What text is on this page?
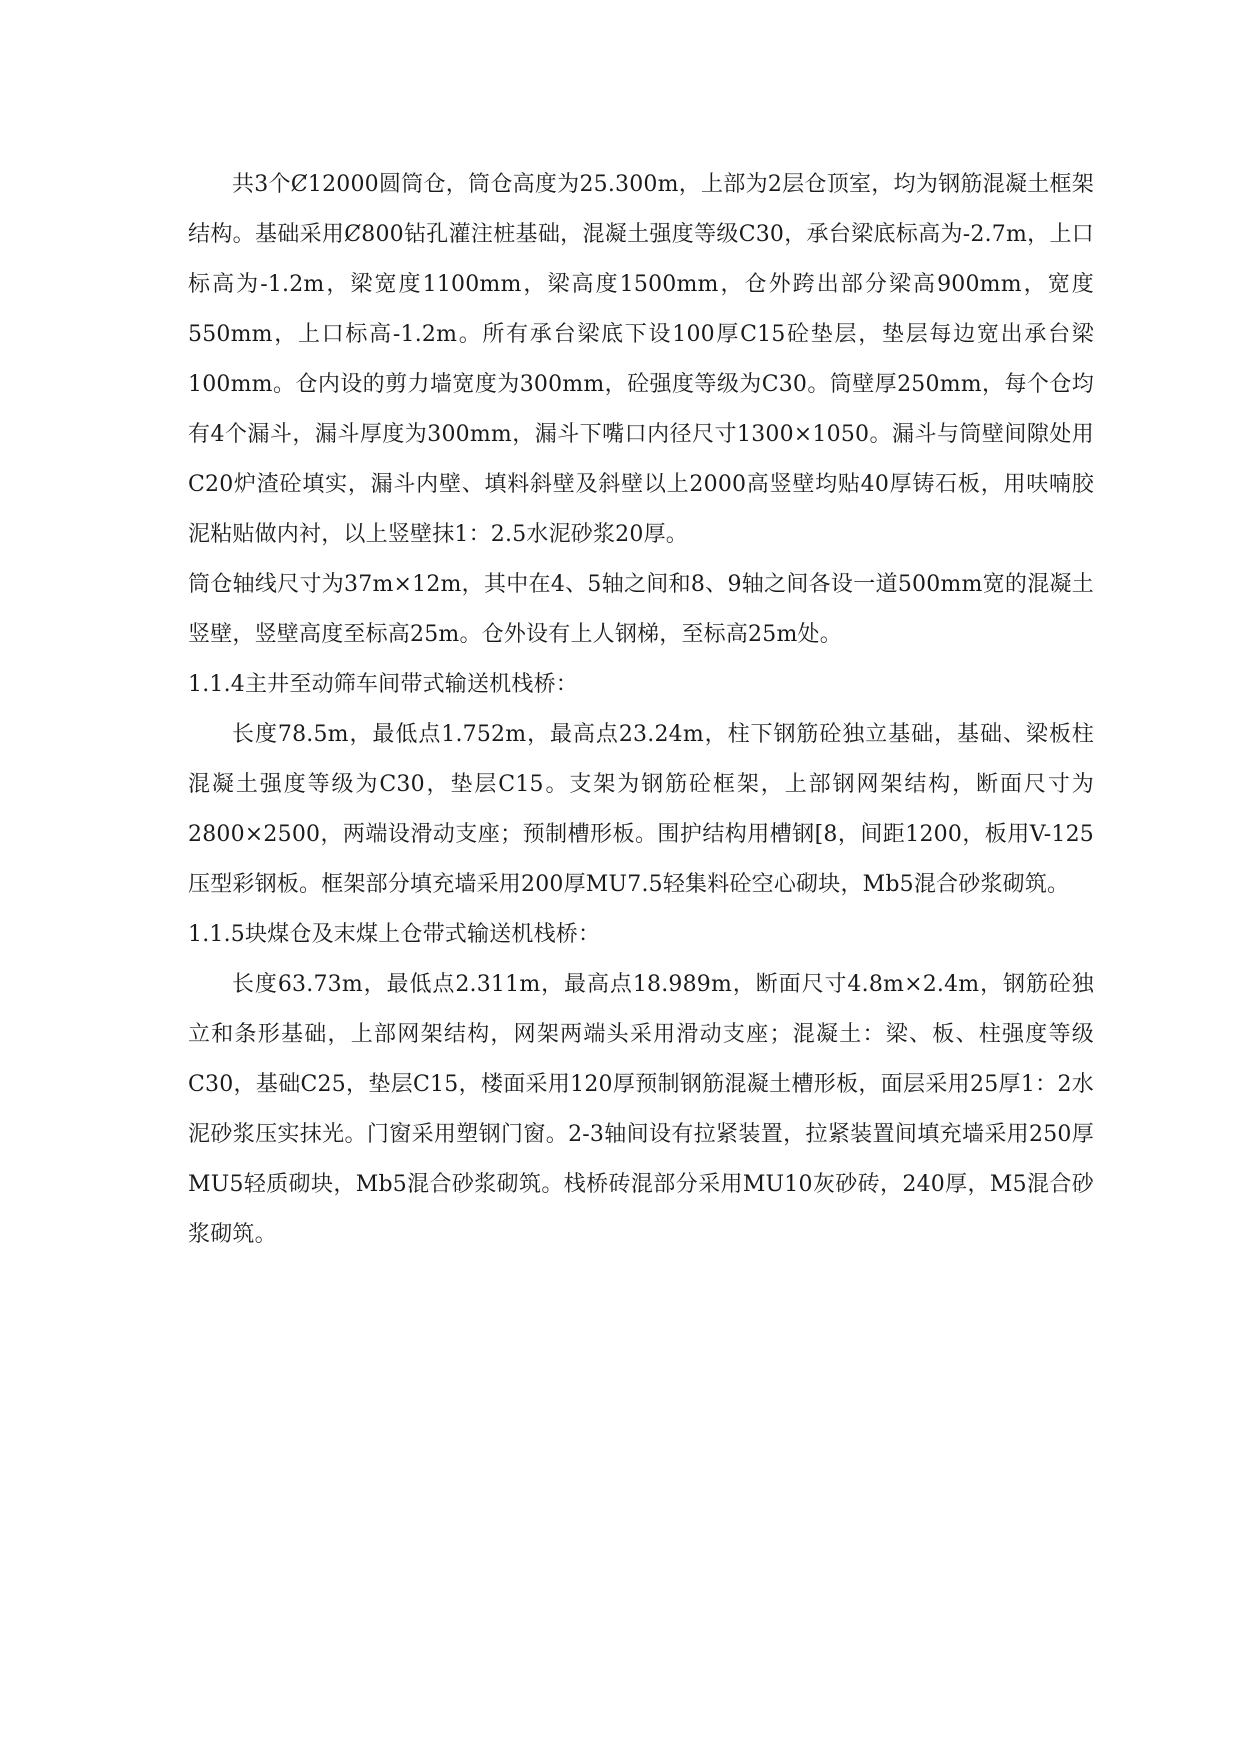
共3个Ȼ12000圆筒仓，筒仓高度为25.300m，上部为2层仓顶室，均为钢筋混凝土框架结构。基础采用Ȼ800钻孔灌注桩基础，混凝土强度等级C30，承台梁底标高为-2.7m，上口标高为-1.2m，梁宽度1100mm，梁高度1500mm，仓外跨出部分梁高900mm，宽度550mm，上口标高-1.2m。所有承台梁底下设100厚C15砼垫层，垫层每边宽出承台梁100mm。仓内设的剪力墙宽度为300mm，砼强度等级为C30。筒壁厚250mm，每个仓均有4个漏斗，漏斗厚度为300mm，漏斗下嘴口内径尺寸1300×1050。漏斗与筒壁间隙处用C20炉渣砼填实，漏斗内壁、填料斜壁及斜壁以上2000高竖壁均贴40厚铸石板，用呋喃胶泥粘贴做内衬，以上竖壁抹1：2.5水泥砂浆20厚。

筒仓轴线尺寸为37m×12m，其中在4、5轴之间和8、9轴之间各设一道500mm宽的混凝土竖壁，竖壁高度至标高25m。仓外设有上人钢梯，至标高25m处。

1.1.4主井至动筛车间带式输送机栈桥：

长度78.5m，最低点1.752m，最高点23.24m，柱下钢筋砼独立基础，基础、梁板柱混凝土强度等级为C30，垫层C15。支架为钢筋砼框架，上部钢网架结构，断面尺寸为2800×2500，两端设滑动支座；预制槽形板。围护结构用槽钢[8，间距1200，板用V-125压型彩钢板。框架部分填充墙采用200厚MU7.5轻集料砼空心砌块，Mb5混合砂浆砌筑。

1.1.5块煤仓及末煤上仓带式输送机栈桥：

长度63.73m，最低点2.311m，最高点18.989m，断面尺寸4.8m×2.4m，钢筋砼独立和条形基础，上部网架结构，网架两端头采用滑动支座；混凝土：梁、板、柱强度等级C30，基础C25，垫层C15，楼面采用120厚预制钢筋混凝土槽形板，面层采用25厚1：2水泥砂浆压实抹光。门窗采用塑钢门窗。2-3轴间设有拉紧装置，拉紧装置间填充墙采用250厚MU5轻质砌块，Mb5混合砂浆砌筑。栈桥砖混部分采用MU10灰砂砖，240厚，M5混合砂浆砌筑。
